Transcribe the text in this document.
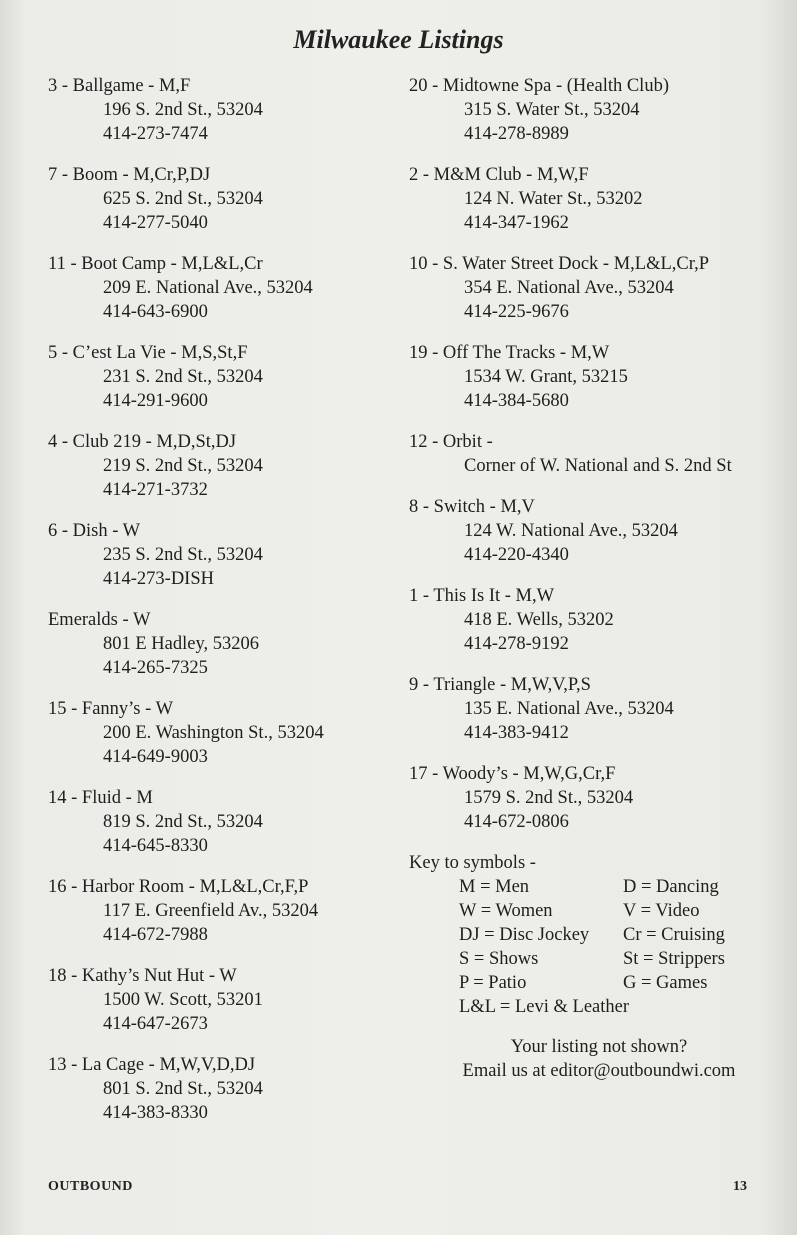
Milwaukee Listings
3 - Ballgame - M,F
196 S. 2nd St., 53204
414-273-7474
7 - Boom - M,Cr,P,DJ
625 S. 2nd St., 53204
414-277-5040
11 - Boot Camp - M,L&L,Cr
209 E. National Ave., 53204
414-643-6900
5 - C’est La Vie - M,S,St,F
231 S. 2nd St., 53204
414-291-9600
4 - Club 219 - M,D,St,DJ
219 S. 2nd St., 53204
414-271-3732
6 - Dish - W
235 S. 2nd St., 53204
414-273-DISH
Emeralds - W
801 E Hadley, 53206
414-265-7325
15 - Fanny’s - W
200 E. Washington St., 53204
414-649-9003
14 - Fluid - M
819 S. 2nd St., 53204
414-645-8330
16 - Harbor Room - M,L&L,Cr,F,P
117 E. Greenfield Av., 53204
414-672-7988
18 - Kathy’s Nut Hut - W
1500 W. Scott, 53201
414-647-2673
13 - La Cage - M,W,V,D,DJ
801 S. 2nd St., 53204
414-383-8330
20 - Midtowne Spa - (Health Club)
315 S. Water St., 53204
414-278-8989
2 - M&M Club - M,W,F
124 N. Water St., 53202
414-347-1962
10 - S. Water Street Dock - M,L&L,Cr,P
354 E. National Ave., 53204
414-225-9676
19 - Off The Tracks - M,W
1534 W. Grant, 53215
414-384-5680
12 - Orbit -
Corner of W. National and S. 2nd St
8 - Switch - M,V
124 W. National Ave., 53204
414-220-4340
1 - This Is It - M,W
418 E. Wells, 53202
414-278-9192
9 - Triangle - M,W,V,P,S
135 E. National Ave., 53204
414-383-9412
17 - Woody’s - M,W,G,Cr,F
1579 S. 2nd St., 53204
414-672-0806
Key to symbols -
M = Men	D = Dancing
W = Women	V = Video
DJ = Disc Jockey	Cr = Cruising
S = Shows	St = Strippers
P = Patio	G = Games
L&L = Levi & Leather
Your listing not shown?
Email us at editor@outboundwi.com
OUTBOUND	13
